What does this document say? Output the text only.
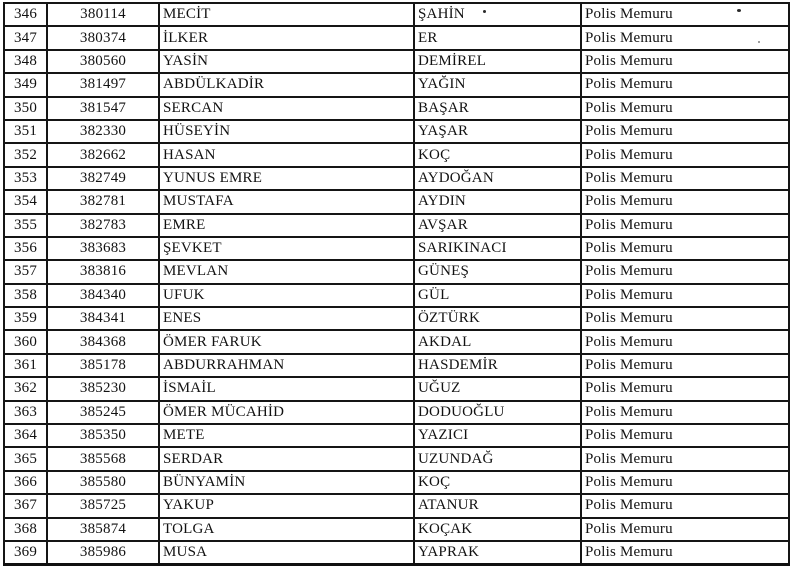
346	380114	MECİT	ŞAHİN	Polis Memuru
347	380374	İLKER	ER	Polis Memuru
348	380560	YASİN	DEMİREL	Polis Memuru
349	381497	ABDÜLKADİR	YAĞIN	Polis Memuru
350	381547	SERCAN	BAŞAR	Polis Memuru
351	382330	HÜSEYİN	YAŞAR	Polis Memuru
352	382662	HASAN	KOÇ	Polis Memuru
353	382749	YUNUS EMRE	AYDOĞAN	Polis Memuru
354	382781	MUSTAFA	AYDIN	Polis Memuru
355	382783	EMRE	AVŞAR	Polis Memuru
356	383683	ŞEVKET	SARIKINACI	Polis Memuru
357	383816	MEVLAN	GÜNEŞ	Polis Memuru
358	384340	UFUK	GÜL	Polis Memuru
359	384341	ENES	ÖZTÜRK	Polis Memuru
360	384368	ÖMER FARUK	AKDAL	Polis Memuru
361	385178	ABDURRAHMAN	HASDEMİR	Polis Memuru
362	385230	İSMAİL	UĞUZ	Polis Memuru
363	385245	ÖMER MÜCAHİD	DODUOĞLU	Polis Memuru
364	385350	METE	YAZICI	Polis Memuru
365	385568	SERDAR	UZUNDAĞ	Polis Memuru
366	385580	BÜNYAMİN	KOÇ	Polis Memuru
367	385725	YAKUP	ATANUR	Polis Memuru
368	385874	TOLGA	KOÇAK	Polis Memuru
369	385986	MUSA	YAPRAK	Polis Memuru
